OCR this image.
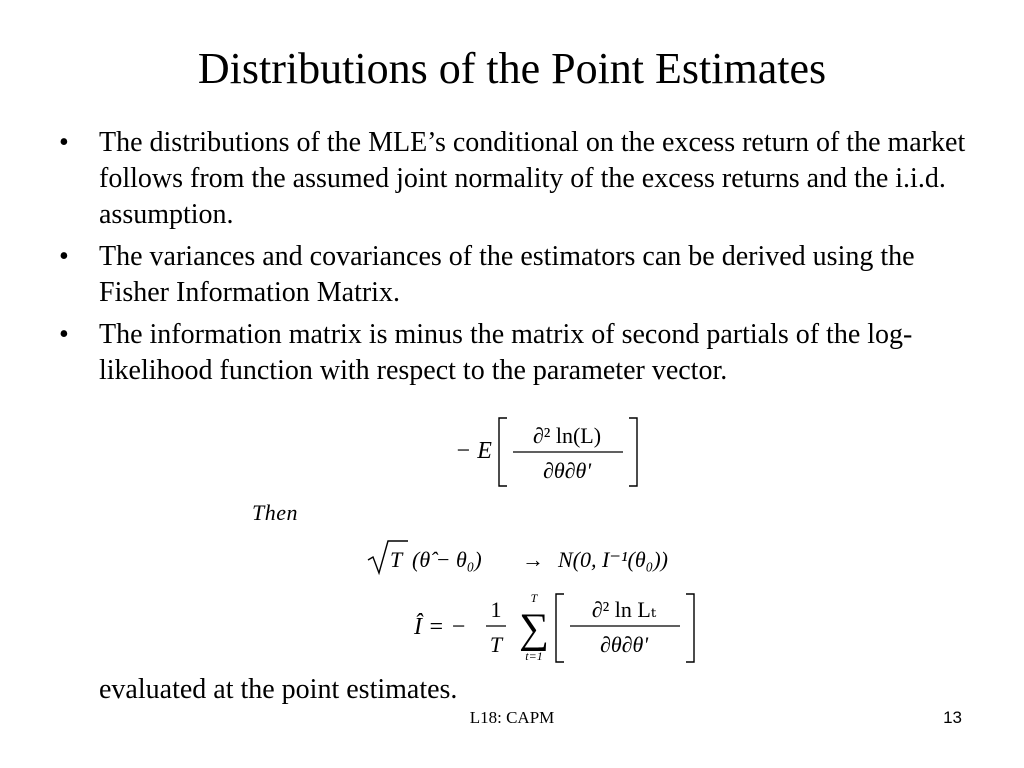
Distributions of the Point Estimates
• The distributions of the MLE’s conditional on the excess return of the market follows from the assumed joint normality of the excess returns and the i.i.d. assumption.
• The variances and covariances of the estimators can be derived using the Fisher Information Matrix.
• The information matrix is minus the matrix of second partials of the log-likelihood function with respect to the parameter vector.
− E
∂² ln(L)
∂θ∂θ'
Then
T (θ̂ − θ₀) → N(0, I⁻¹(θ₀))
Î = −
1
T
T
∑
t=1
∂² ln Lₜ
∂θ∂θ'
evaluated at the point estimates.
L18: CAPM	13
